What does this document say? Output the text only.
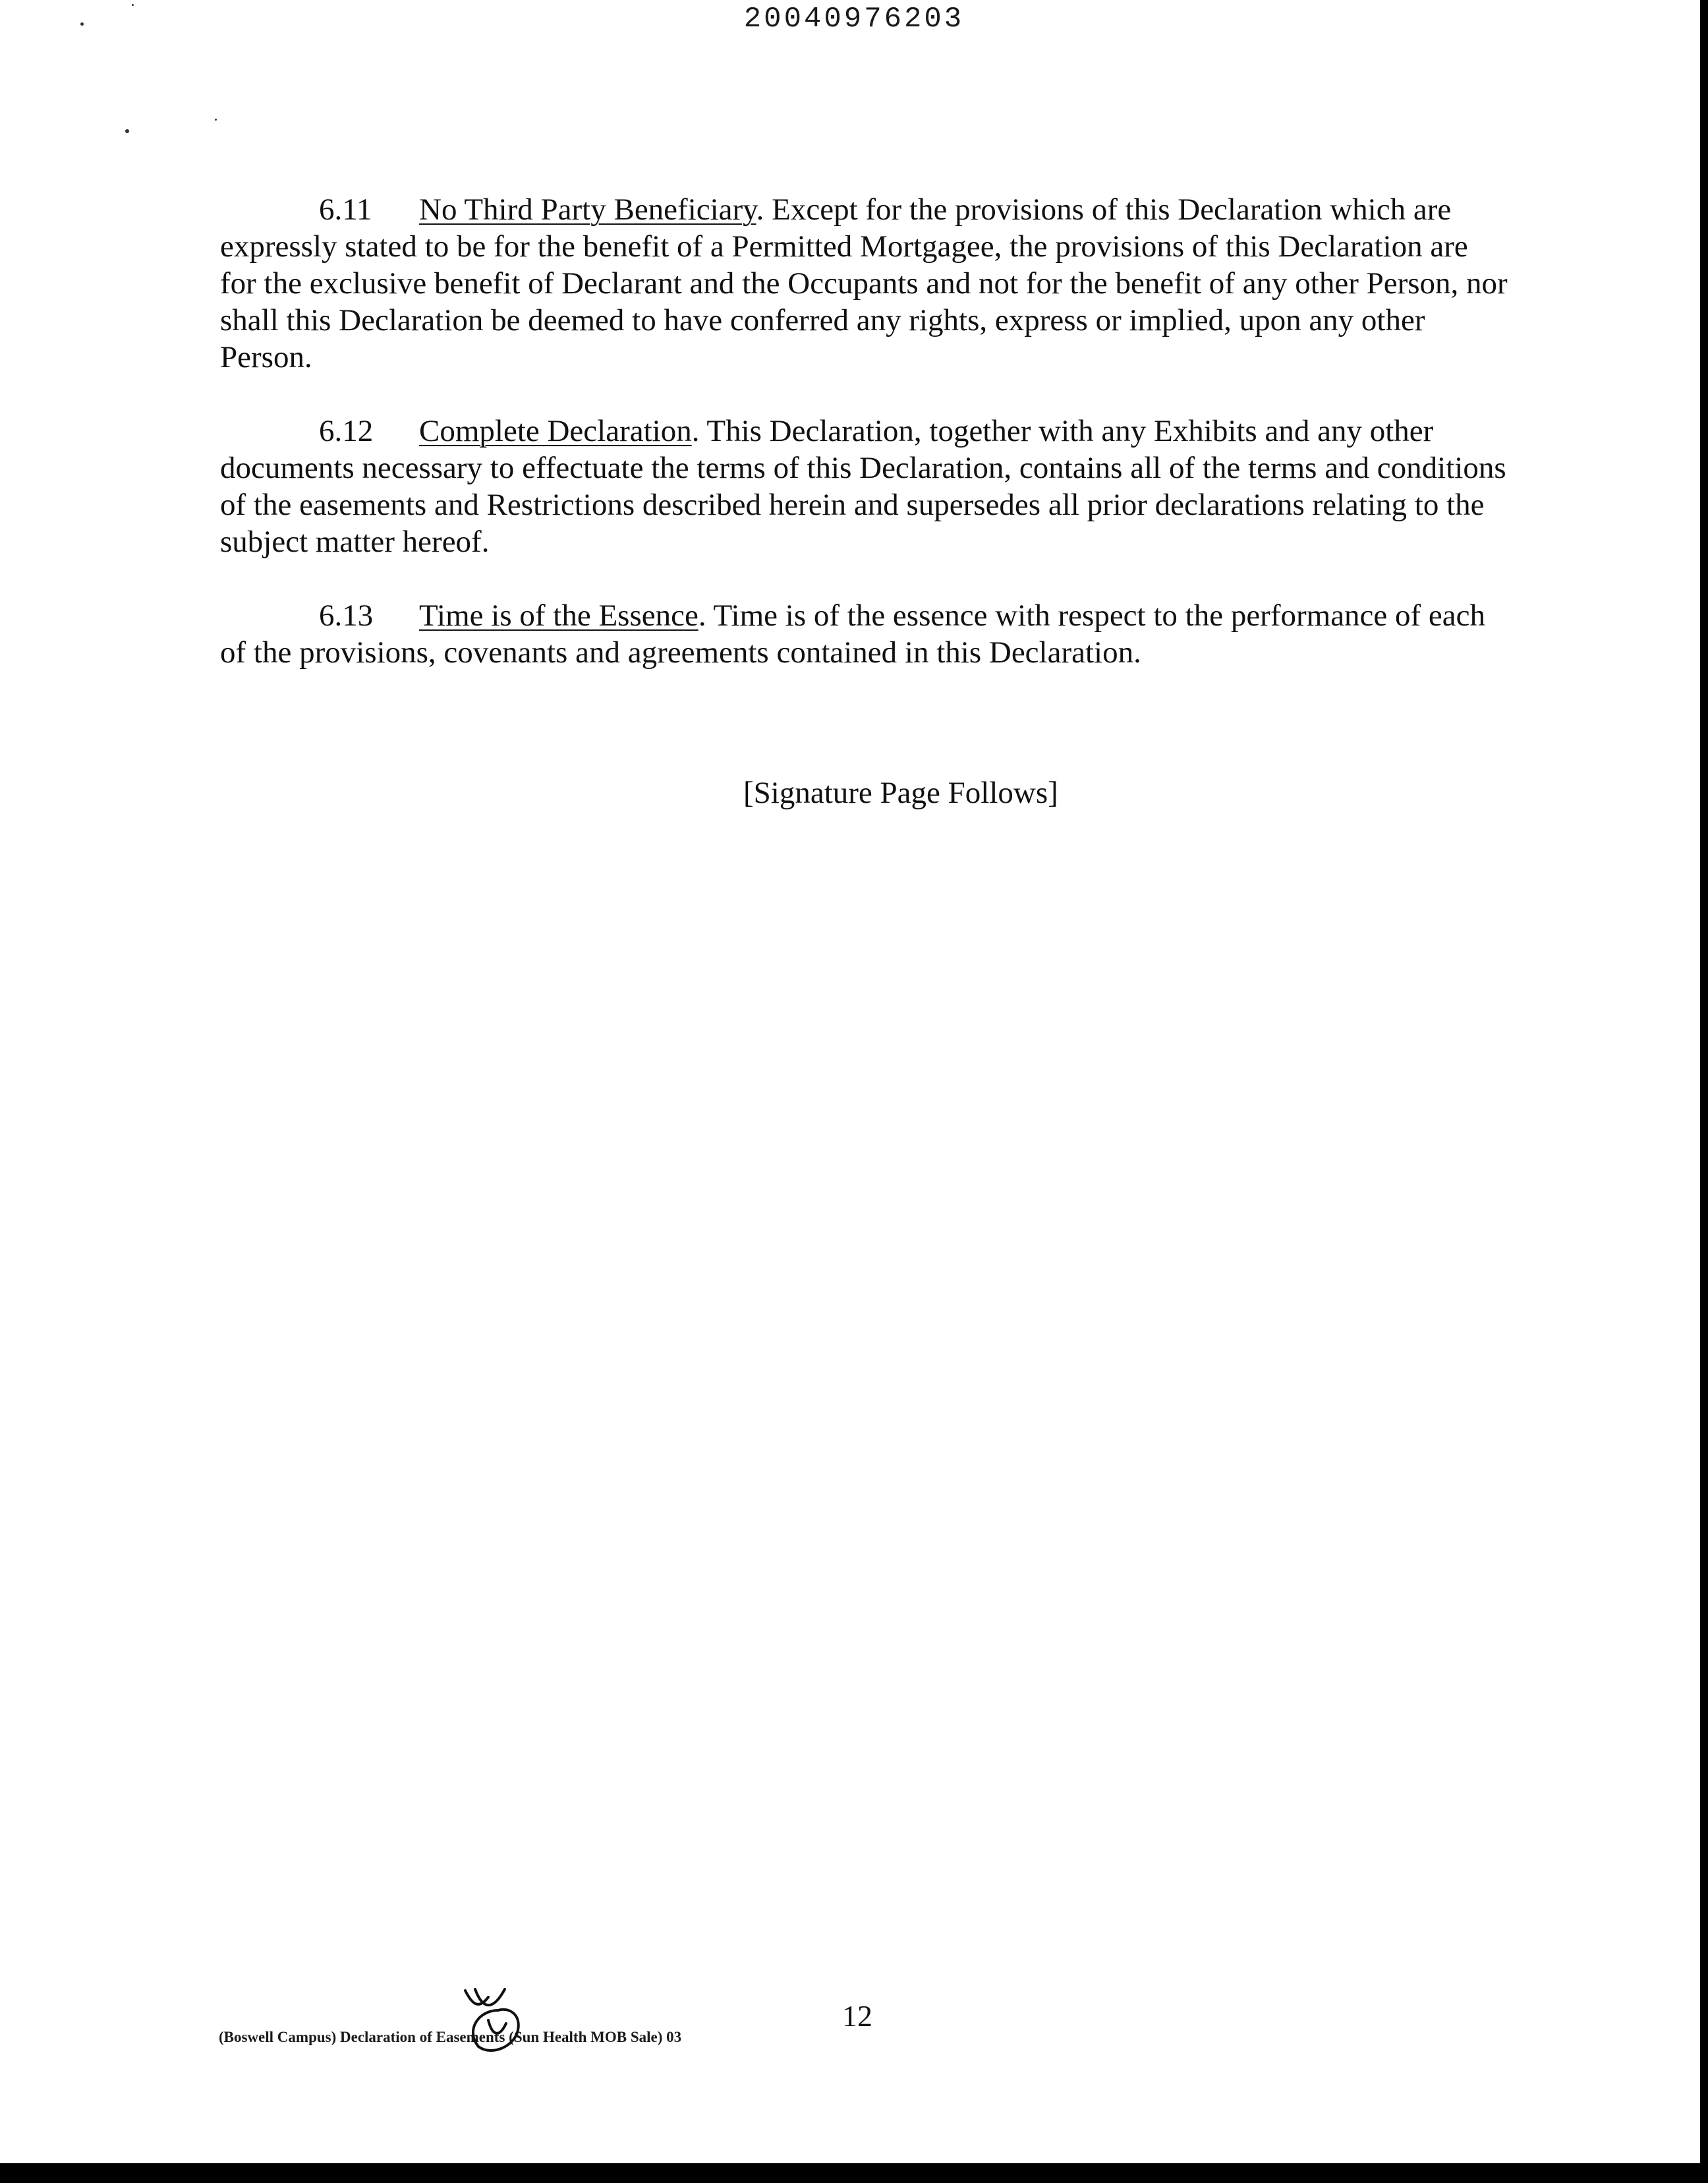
20040976203

6.11 No Third Party Beneficiary. Except for the provisions of this Declaration which are expressly stated to be for the benefit of a Permitted Mortgagee, the provisions of this Declaration are for the exclusive benefit of Declarant and the Occupants and not for the benefit of any other Person, nor shall this Declaration be deemed to have conferred any rights, express or implied, upon any other Person.

6.12 Complete Declaration. This Declaration, together with any Exhibits and any other documents necessary to effectuate the terms of this Declaration, contains all of the terms and conditions of the easements and Restrictions described herein and supersedes all prior declarations relating to the subject matter hereof.

6.13 Time is of the Essence. Time is of the essence with respect to the performance of each of the provisions, covenants and agreements contained in this Declaration.

[Signature Page Follows]
12
(Boswell Campus) Declaration of Easements (Sun Health MOB Sale) 03
